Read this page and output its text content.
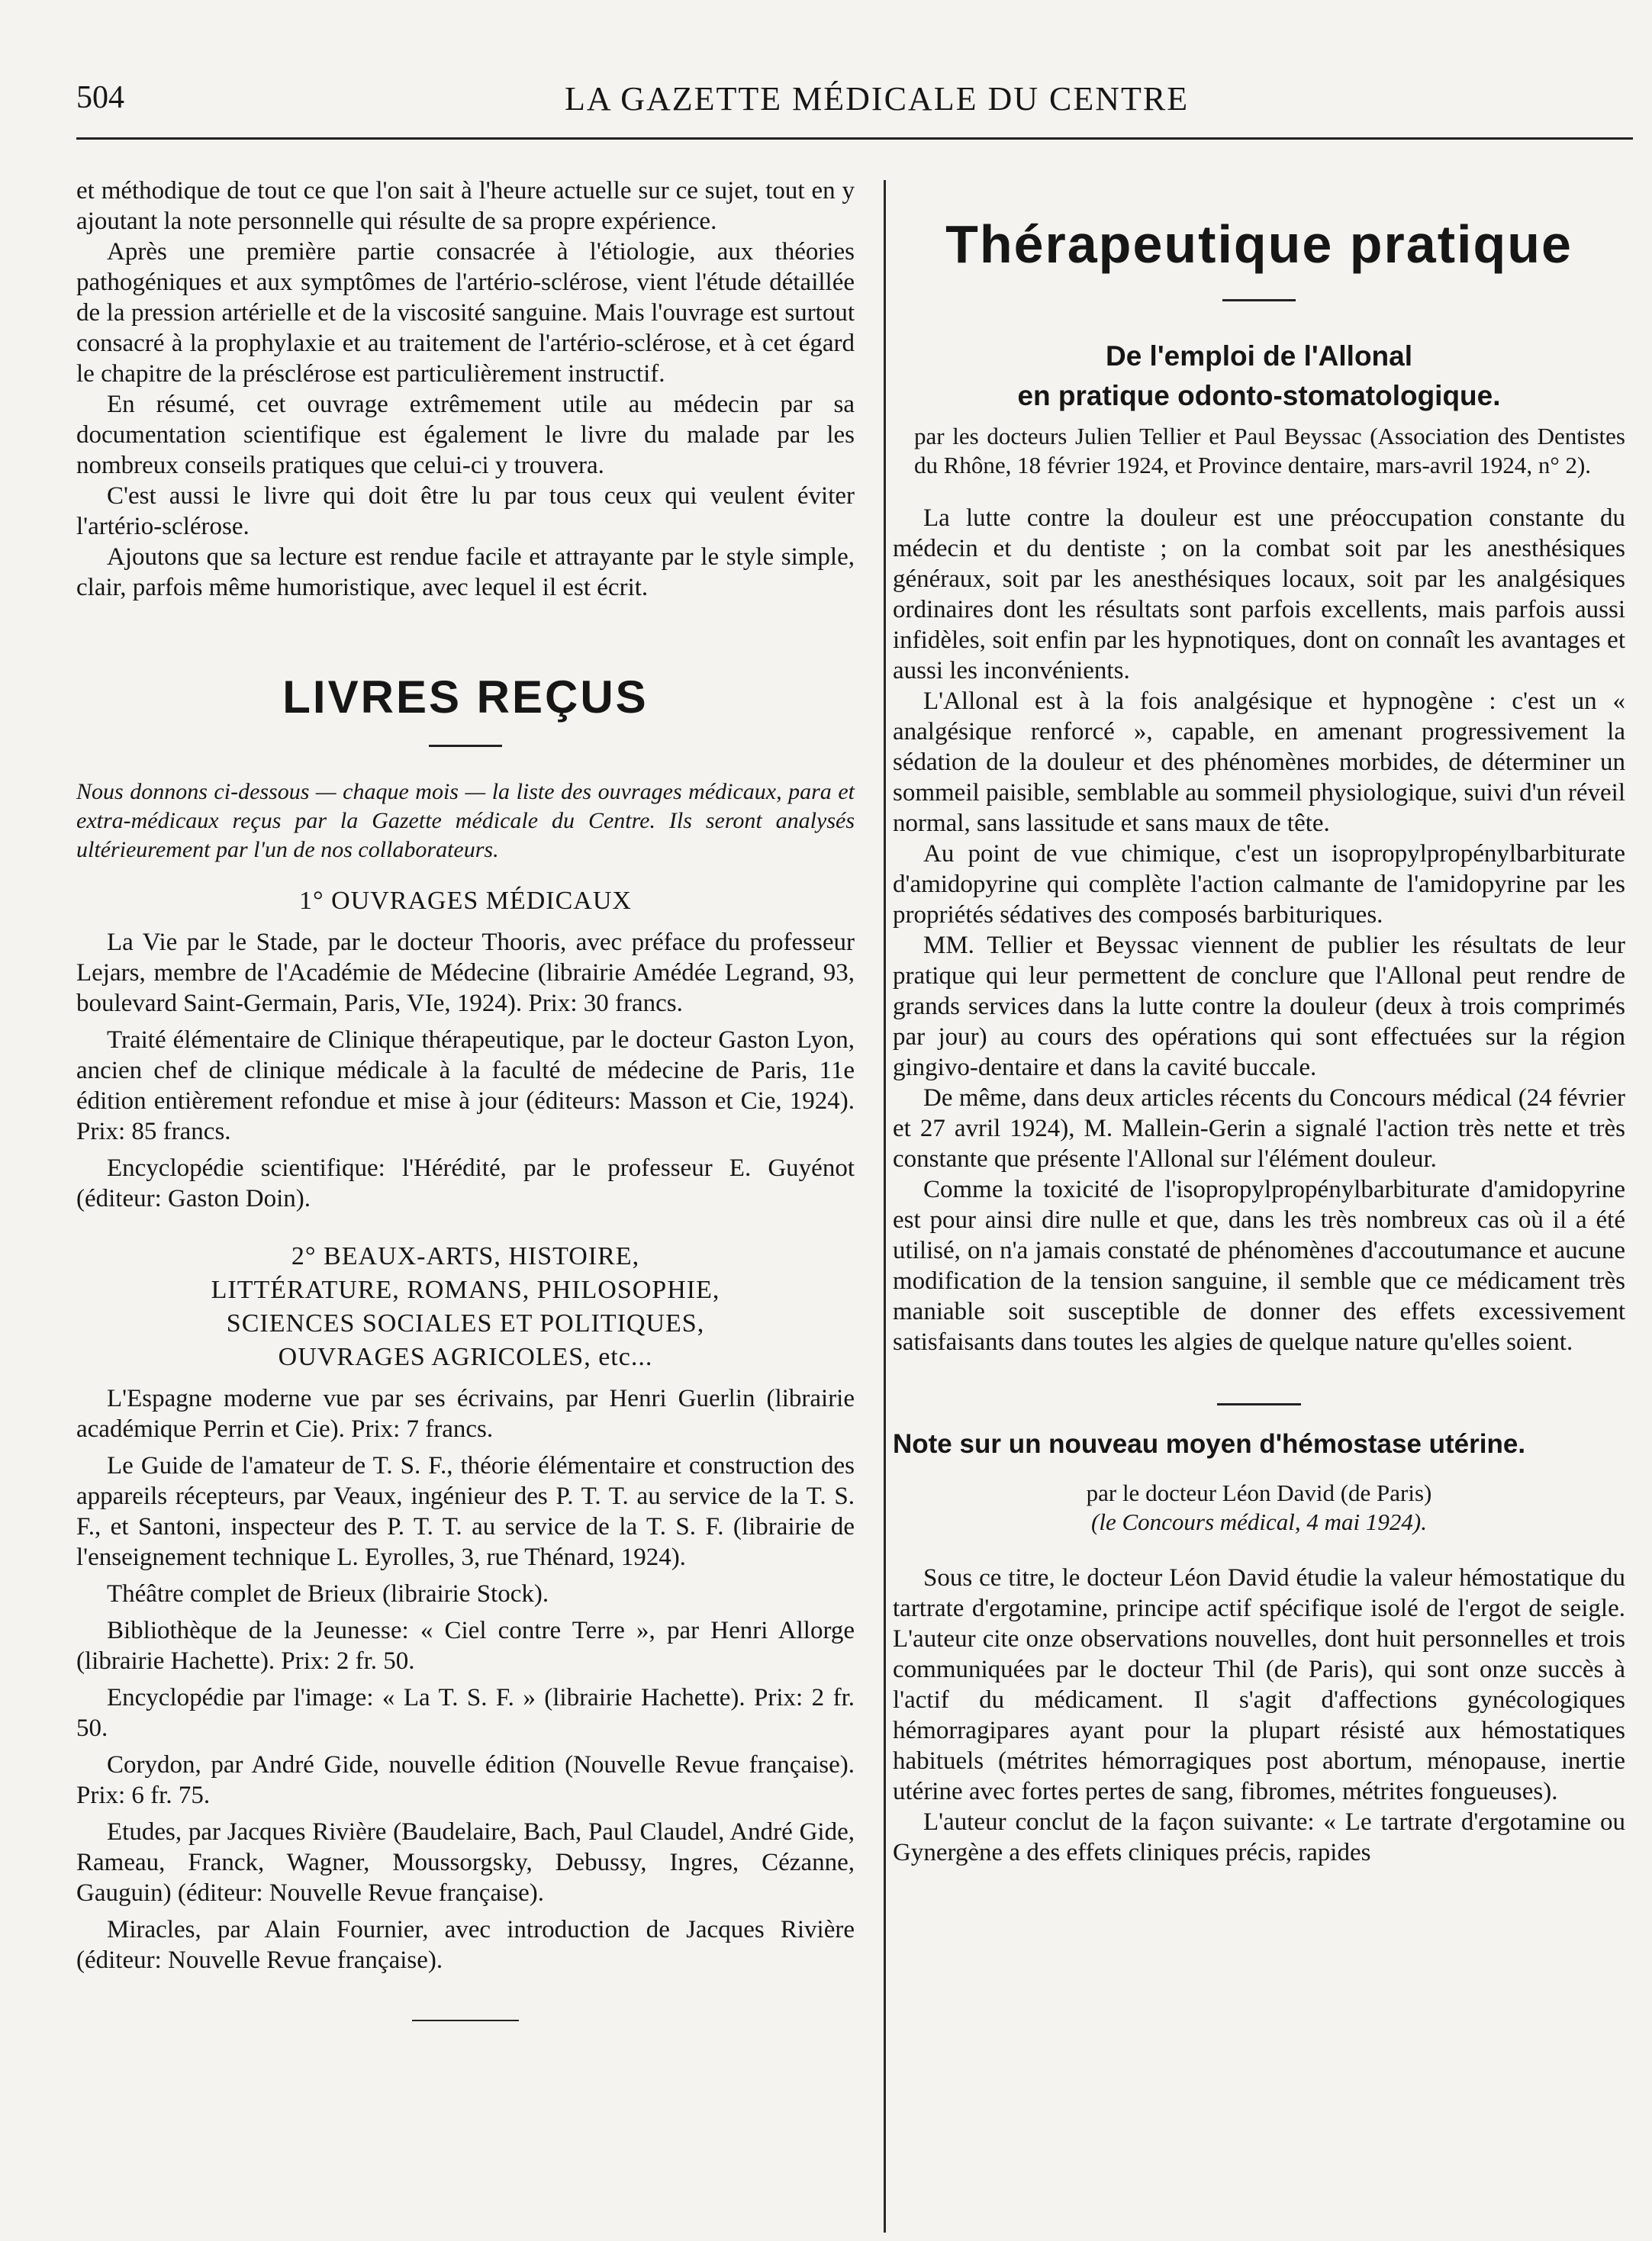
504	LA GAZETTE MÉDICALE DU CENTRE

et méthodique de tout ce que l'on sait à l'heure actuelle sur ce sujet, tout en y ajoutant la note personnelle qui résulte de sa propre expérience.

Après une première partie consacrée à l'étiologie, aux théories pathogéniques et aux symptômes de l'artério-sclérose, vient l'étude détaillée de la pression artérielle et de la viscosité sanguine. Mais l'ouvrage est surtout consacré à la prophylaxie et au traitement de l'artério-sclérose, et à cet égard le chapitre de la présclérose est particulièrement instructif.

En résumé, cet ouvrage extrêmement utile au médecin par sa documentation scientifique est également le livre du malade par les nombreux conseils pratiques que celui-ci y trouvera.

C'est aussi le livre qui doit être lu par tous ceux qui veulent éviter l'artério-sclérose.

Ajoutons que sa lecture est rendue facile et attrayante par le style simple, clair, parfois même humoristique, avec lequel il est écrit.

LIVRES REÇUS

Nous donnons ci-dessous — chaque mois — la liste des ouvrages médicaux, para et extra-médicaux reçus par la Gazette médicale du Centre. Ils seront analysés ultérieurement par l'un de nos collaborateurs.

1° OUVRAGES MÉDICAUX

La Vie par le Stade, par le docteur Thooris, avec préface du professeur Lejars, membre de l'Académie de Médecine (librairie Amédée Legrand, 93, boulevard Saint-Germain, Paris, VIe, 1924). Prix: 30 francs.

Traité élémentaire de Clinique thérapeutique, par le docteur Gaston Lyon, ancien chef de clinique médicale à la faculté de médecine de Paris, 11e édition entièrement refondue et mise à jour (éditeurs: Masson et Cie, 1924). Prix: 85 francs.

Encyclopédie scientifique: l'Hérédité, par le professeur E. Guyénot (éditeur: Gaston Doin).

2° BEAUX-ARTS, HISTOIRE,
LITTÉRATURE, ROMANS, PHILOSOPHIE,
SCIENCES SOCIALES ET POLITIQUES,
OUVRAGES AGRICOLES, etc...

L'Espagne moderne vue par ses écrivains, par Henri Guerlin (librairie académique Perrin et Cie). Prix: 7 francs.

Le Guide de l'amateur de T. S. F., théorie élémentaire et construction des appareils récepteurs, par Veaux, ingénieur des P. T. T. au service de la T. S. F., et Santoni, inspecteur des P. T. T. au service de la T. S. F. (librairie de l'enseignement technique L. Eyrolles, 3, rue Thénard, 1924).

Théâtre complet de Brieux (librairie Stock).

Bibliothèque de la Jeunesse: « Ciel contre Terre », par Henri Allorge (librairie Hachette). Prix: 2 fr. 50.

Encyclopédie par l'image: « La T. S. F. » (librairie Hachette). Prix: 2 fr. 50.

Corydon, par André Gide, nouvelle édition (Nouvelle Revue française). Prix: 6 fr. 75.

Etudes, par Jacques Rivière (Baudelaire, Bach, Paul Claudel, André Gide, Rameau, Franck, Wagner, Moussorgsky, Debussy, Ingres, Cézanne, Gauguin) (éditeur: Nouvelle Revue française).

Miracles, par Alain Fournier, avec introduction de Jacques Rivière (éditeur: Nouvelle Revue française).

Thérapeutique pratique
De l'emploi de l'Allonal
en pratique odonto-stomatologique.

par les docteurs Julien Tellier et Paul Beyssac (Association des Dentistes du Rhône, 18 février 1924, et Province dentaire, mars-avril 1924, n° 2).

La lutte contre la douleur est une préoccupation constante du médecin et du dentiste ; on la combat soit par les anesthésiques généraux, soit par les anesthésiques locaux, soit par les analgésiques ordinaires dont les résultats sont parfois excellents, mais parfois aussi infidèles, soit enfin par les hypnotiques, dont on connaît les avantages et aussi les inconvénients.

L'Allonal est à la fois analgésique et hypnogène : c'est un « analgésique renforcé », capable, en amenant progressivement la sédation de la douleur et des phénomènes morbides, de déterminer un sommeil paisible, semblable au sommeil physiologique, suivi d'un réveil normal, sans lassitude et sans maux de tête.

Au point de vue chimique, c'est un isopropylpropénylbarbiturate d'amidopyrine qui complète l'action calmante de l'amidopyrine par les propriétés sédatives des composés barbituriques.

MM. Tellier et Beyssac viennent de publier les résultats de leur pratique qui leur permettent de conclure que l'Allonal peut rendre de grands services dans la lutte contre la douleur (deux à trois comprimés par jour) au cours des opérations qui sont effectuées sur la région gingivo-dentaire et dans la cavité buccale.

De même, dans deux articles récents du Concours médical (24 février et 27 avril 1924), M. Mallein-Gerin a signalé l'action très nette et très constante que présente l'Allonal sur l'élément douleur.

Comme la toxicité de l'isopropylpropénylbarbiturate d'amidopyrine est pour ainsi dire nulle et que, dans les très nombreux cas où il a été utilisé, on n'a jamais constaté de phénomènes d'accoutumance et aucune modification de la tension sanguine, il semble que ce médicament très maniable soit susceptible de donner des effets excessivement satisfaisants dans toutes les algies de quelque nature qu'elles soient.

Note sur un nouveau moyen d'hémostase utérine.
par le docteur Léon David (de Paris)
(le Concours médical, 4 mai 1924).

Sous ce titre, le docteur Léon David étudie la valeur hémostatique du tartrate d'ergotamine, principe actif spécifique isolé de l'ergot de seigle. L'auteur cite onze observations nouvelles, dont huit personnelles et trois communiquées par le docteur Thil (de Paris), qui sont onze succès à l'actif du médicament. Il s'agit d'affections gynécologiques hémorragipares ayant pour la plupart résisté aux hémostatiques habituels (métrites hémorragiques post abortum, ménopause, inertie utérine avec fortes pertes de sang, fibromes, métrites fongueuses).

L'auteur conclut de la façon suivante: « Le tartrate d'ergotamine ou Gynergène a des effets cliniques précis, rapides
